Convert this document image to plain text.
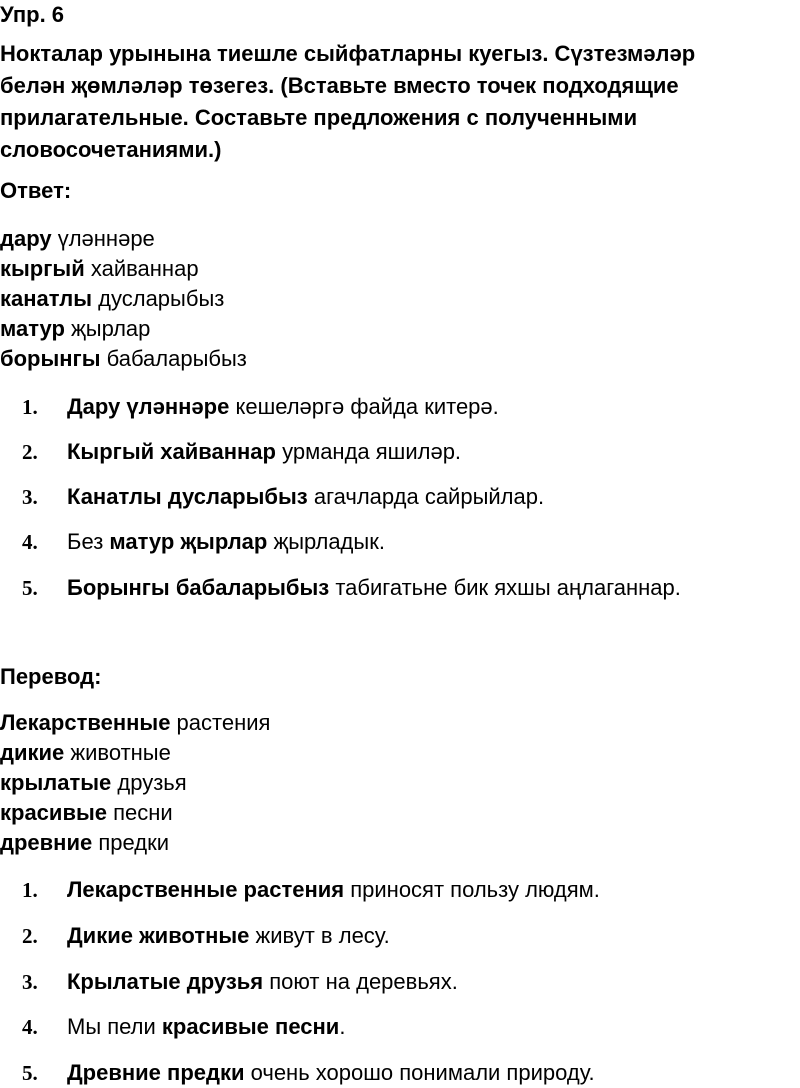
Упр. 6
Нокталар урынына тиешле сыйфатларны куегыз. Сүзтезмәләр
белән җөмләләр төзегез. (Вставьте вместо точек подходящие
прилагательные. Составьте предложения с полученными
словосочетаниями.)
Ответ:
дару үләннәре
кыргый хайваннар
канатлы дусларыбыз
матур җырлар
борынгы бабаларыбыз
1.	Дару үләннәре кешеләргә файда китерә.
2.	Кыргый хайваннар урманда яшиләр.
3.	Канатлы дусларыбыз агачларда сайрыйлар.
4.	Без матур җырлар җырладык.
5.	Борынгы бабаларыбыз табигатьне бик яхшы аңлаганнар.
Перевод:
Лекарственные растения
дикие животные
крылатые друзья
красивые песни
древние предки
1.	Лекарственные растения приносят пользу людям.
2.	Дикие животные живут в лесу.
3.	Крылатые друзья поют на деревьях.
4.	Мы пели красивые песни.
5.	Древние предки очень хорошо понимали природу.
